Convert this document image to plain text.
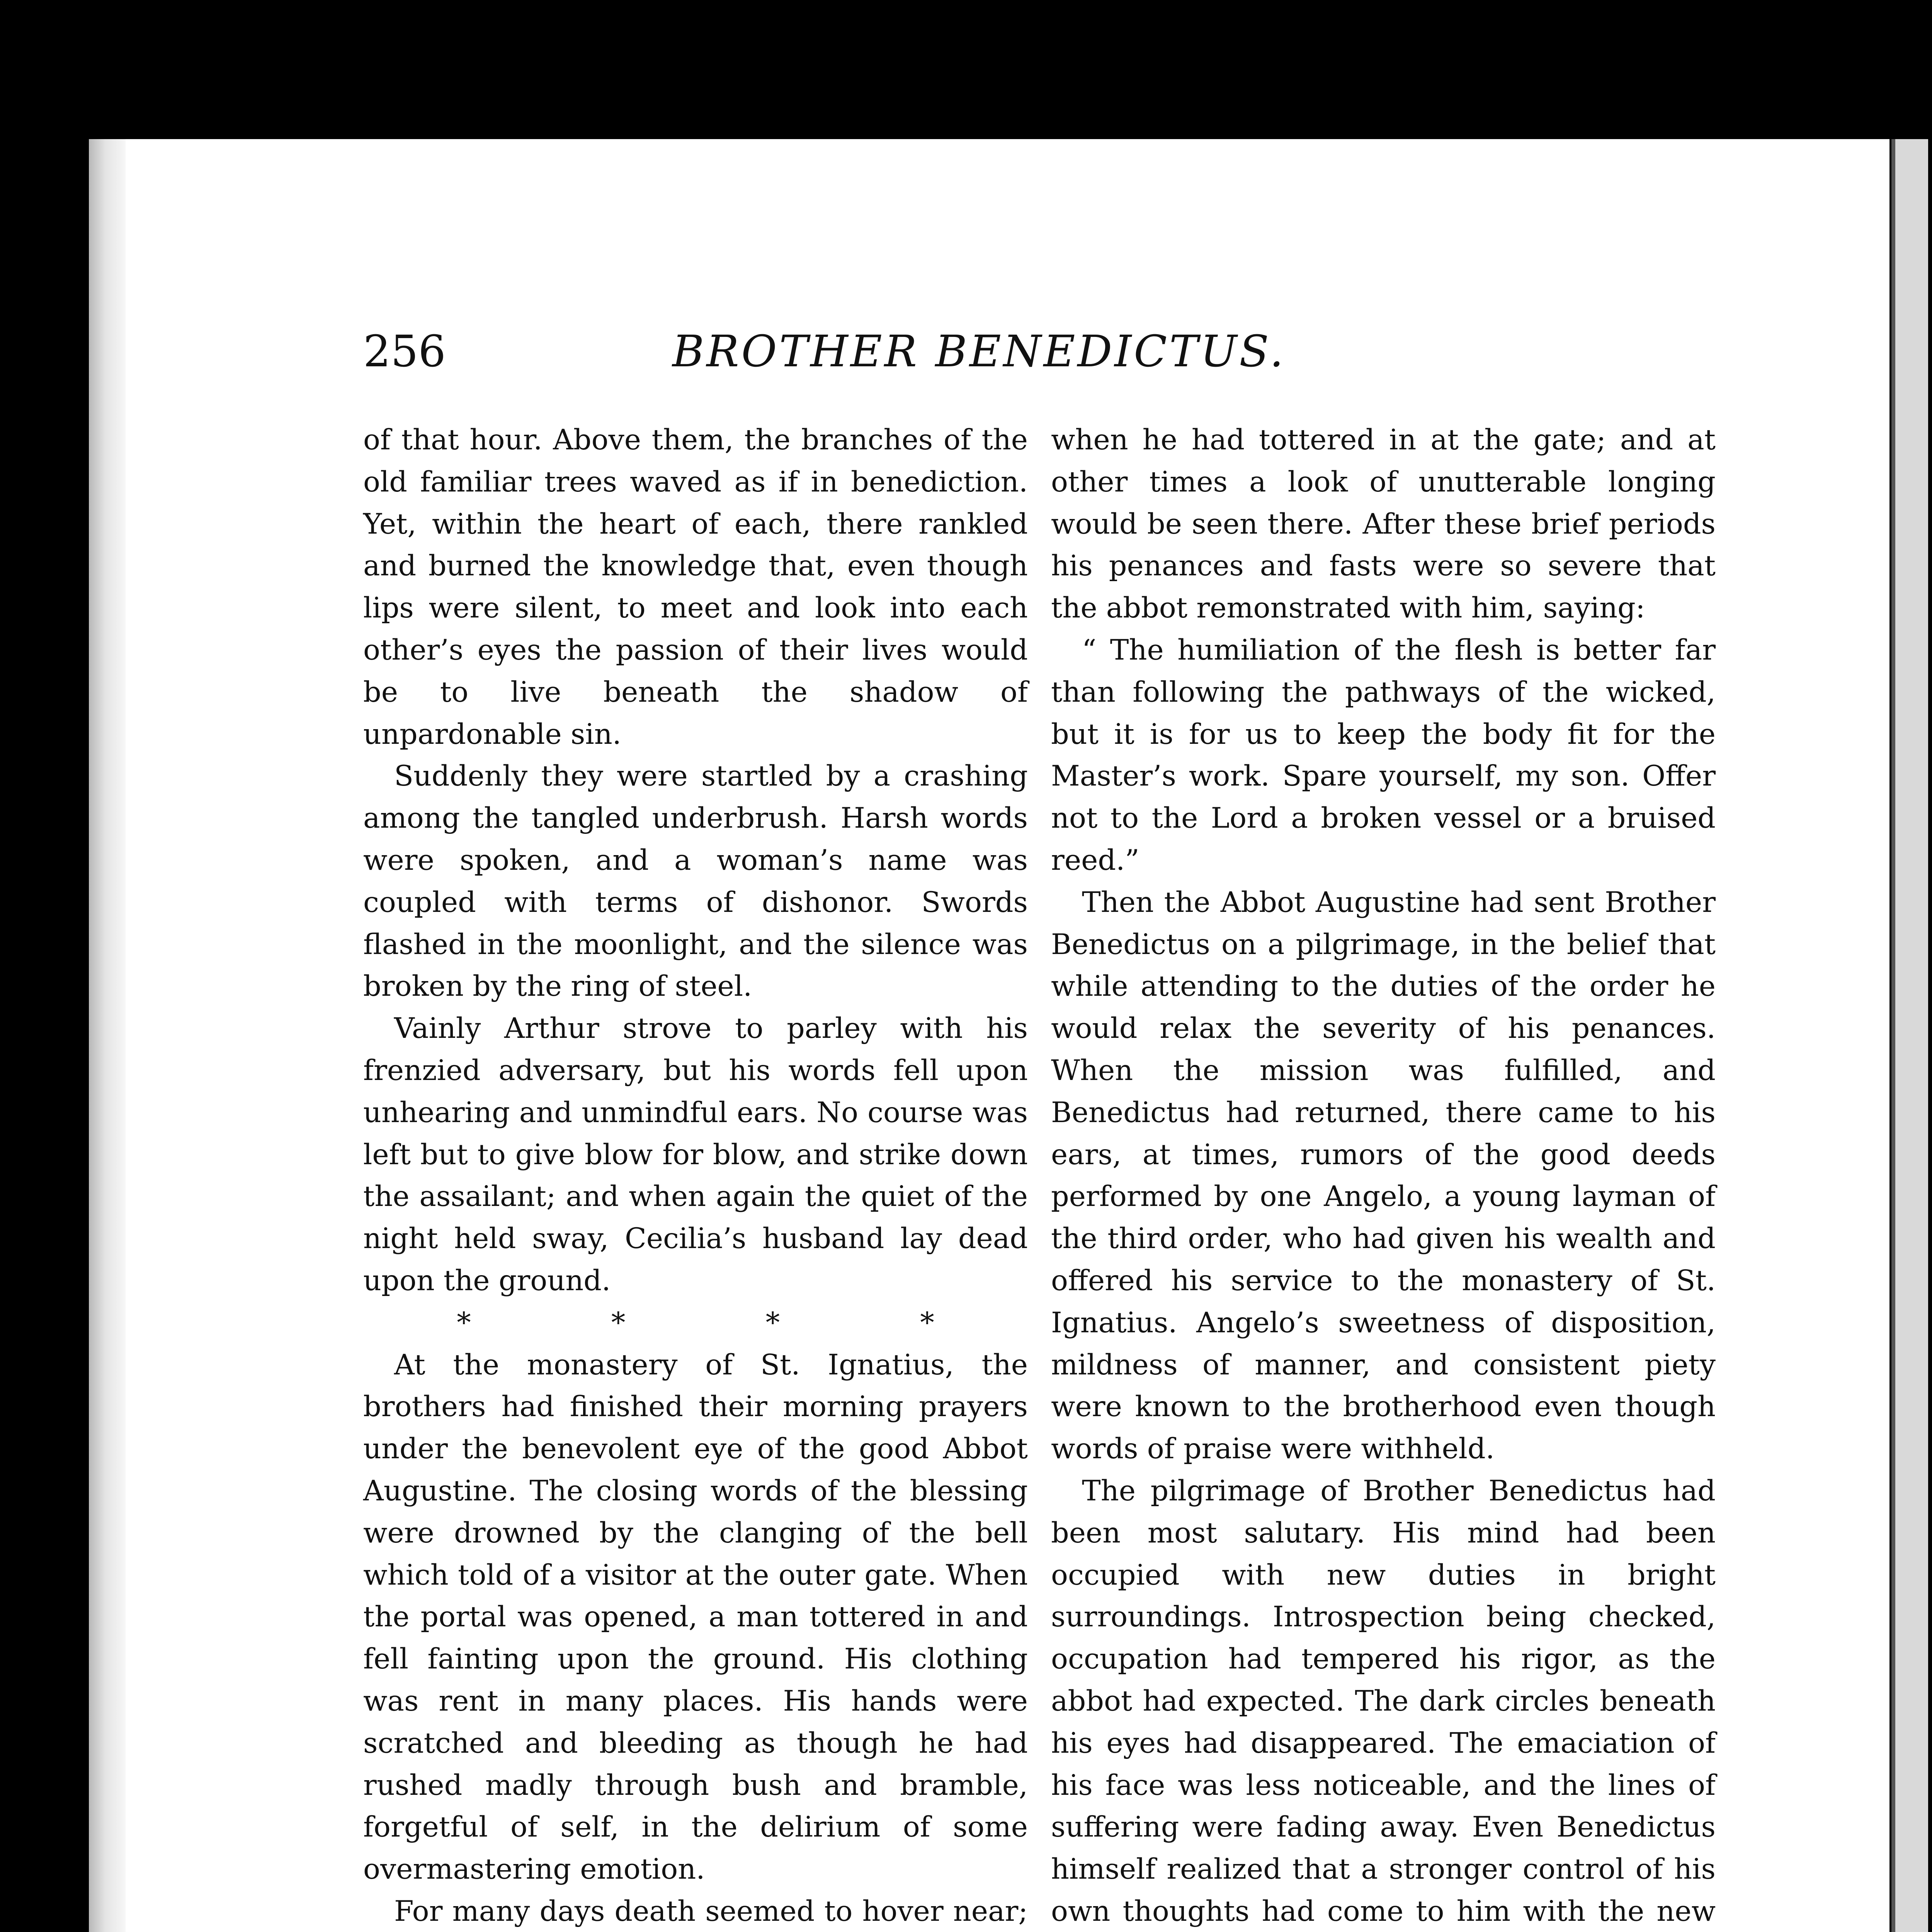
256	BROTHER BENEDICTUS.

of that hour. Above them, the branches of the old familiar trees waved as if in benediction. Yet, within the heart of each, there rankled and burned the knowledge that, even though lips were silent, to meet and look into each other’s eyes the passion of their lives would be to live beneath the shadow of unpardonable sin.

Suddenly they were startled by a crashing among the tangled underbrush. Harsh words were spoken, and a woman’s name was coupled with terms of dishonor. Swords flashed in the moonlight, and the silence was broken by the ring of steel.

Vainly Arthur strove to parley with his frenzied adversary, but his words fell upon unhearing and unmindful ears. No course was left but to give blow for blow, and strike down the assailant; and when again the quiet of the night held sway, Cecilia’s husband lay dead upon the ground.

* * * *

At the monastery of St. Ignatius, the brothers had finished their morning prayers under the benevolent eye of the good Abbot Augustine. The closing words of the blessing were drowned by the clanging of the bell which told of a visitor at the outer gate. When the portal was opened, a man tottered in and fell fainting upon the ground. His clothing was rent in many places. His hands were scratched and bleeding as though he had rushed madly through bush and bramble, forgetful of self, in the delirium of some overmastering emotion.

For many days death seemed to hover near;

when he had tottered in at the gate; and at other times a look of unutterable longing would be seen there. After these brief periods his penances and fasts were so severe that the abbot remonstrated with him, saying:

“ The humiliation of the flesh is better far than following the pathways of the wicked, but it is for us to keep the body fit for the Master’s work. Spare yourself, my son. Offer not to the Lord a broken vessel or a bruised reed.”

Then the Abbot Augustine had sent Brother Benedictus on a pilgrimage, in the belief that while attending to the duties of the order he would relax the severity of his penances. When the mission was fulfilled, and Benedictus had returned, there came to his ears, at times, rumors of the good deeds performed by one Angelo, a young layman of the third order, who had given his wealth and offered his service to the monastery of St. Ignatius. Angelo’s sweetness of disposition, mildness of manner, and consistent piety were known to the brotherhood even though words of praise were withheld.

The pilgrimage of Brother Benedictus had been most salutary. His mind had been occupied with new duties in bright surroundings. Introspection being checked, occupation had tempered his rigor, as the abbot had expected. The dark circles beneath his eyes had disappeared. The emaciation of his face was less noticeable, and the lines of suffering were fading away. Even Benedictus himself realized that a stronger control of his own thoughts had come to him with the new
